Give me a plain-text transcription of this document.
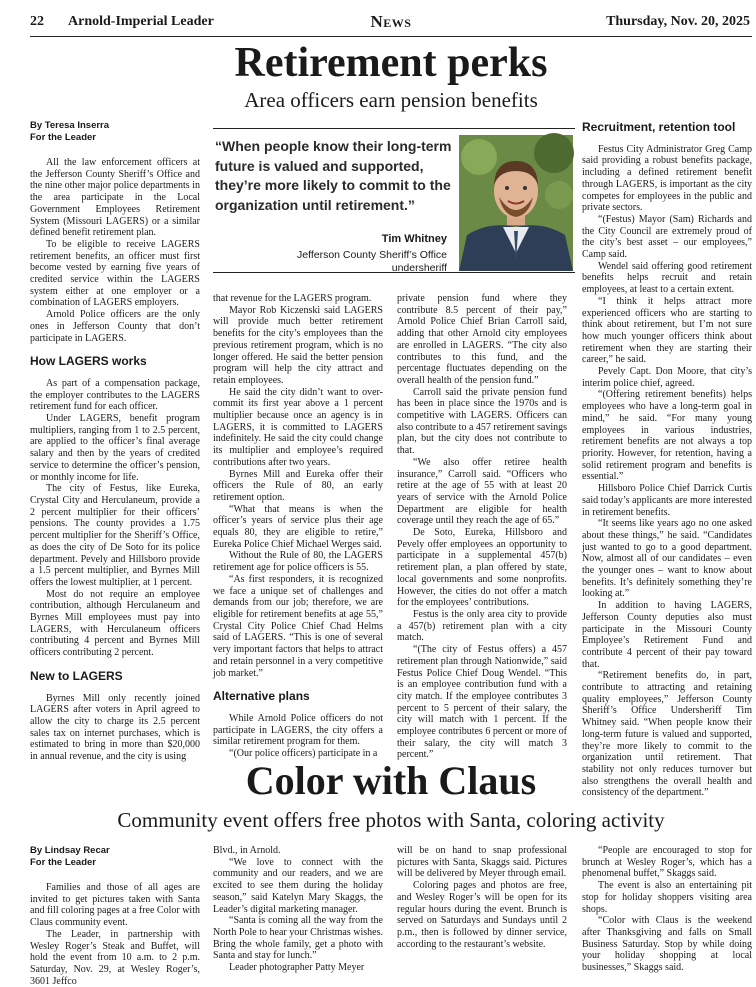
22 Arnold-Imperial Leader	News	Thursday, Nov. 20, 2025
Retirement perks
Area officers earn pension benefits

By Teresa Inserra

For the Leader

All the law enforcement officers at the Jefferson County Sheriff’s Office and the nine other major police departments in the area participate in the Local Government Employees Retirement System (Missouri LAGERS) or a similar defined benefit retirement plan.

To be eligible to receive LAGERS retirement benefits, an officer must first become vested by earning five years of credited service within the LAGERS system either at one employer or a combination of LAGERS employers.

Arnold Police officers are the only ones in Jefferson County that don’t participate in LAGERS.

How LAGERS works

As part of a compensation package, the employer contributes to the LAGERS retirement fund for each officer.

Under LAGERS, benefit program multipliers, ranging from 1 to 2.5 percent, are applied to the officer’s final average salary and then by the years of credited service to determine the officer’s pension, or monthly income for life.

The city of Festus, like Eureka, Crystal City and Herculaneum, provide a 2 percent multiplier for their officers’ pensions. The county provides a 1.75 percent multiplier for the Sheriff’s Office, as does the city of De Soto for its police department. Pevely and Hillsboro provide a 1.5 percent multiplier, and Byrnes Mill offers the lowest multiplier, at 1 percent.

Most do not require an employee contribution, although Herculaneum and Byrnes Mill employees must pay into LAGERS, with Herculaneum officers contributing 4 percent and Byrnes Mill officers contributing 2 percent.

New to LAGERS

Byrnes Mill only recently joined LAGERS after voters in April agreed to allow the city to charge its 2.5 percent sales tax on internet purchases, which is estimated to bring in more than $20,000 in annual revenue, and the city is using

“When people know their long-term future is valued and supported, they’re more likely to commit to the organization until retirement.”
Tim Whitney
Jefferson County Sheriff’s Office
undersheriff

that revenue for the LAGERS program.

Mayor Rob Kiczenski said LAGERS will provide much better retirement benefits for the city’s employees than the previous retirement program, which is no longer offered. He said the better pension program will help the city attract and retain employees.

He said the city didn’t want to over-commit its first year above a 1 percent multiplier because once an agency is in LAGERS, it is committed to LAGERS indefinitely. He said the city could change its multiplier and employee’s required contributions after two years.

Byrnes Mill and Eureka offer their officers the Rule of 80, an early retirement option.

“What that means is when the officer’s years of service plus their age equals 80, they are eligible to retire,” Eureka Police Chief Michael Werges said.

Without the Rule of 80, the LAGERS retirement age for police officers is 55.

“As first responders, it is recognized we face a unique set of challenges and demands from our job; therefore, we are eligible for retirement benefits at age 55,” Crystal City Police Chief Chad Helms said of LAGERS. “This is one of several very important factors that helps to attract and retain personnel in a very competitive job market.”

Alternative plans

While Arnold Police officers do not participate in LAGERS, the city offers a similar retirement program for them.

“(Our police officers) participate in a

private pension fund where they contribute 8.5 percent of their pay,” Arnold Police Chief Brian Carroll said, adding that other Arnold city employees are enrolled in LAGERS. “The city also contributes to this fund, and the percentage fluctuates depending on the overall health of the pension fund.”

Carroll said the private pension fund has been in place since the 1970s and is competitive with LAGERS. Officers can also contribute to a 457 retirement savings plan, but the city does not contribute to that.

“We also offer retiree health insurance,” Carroll said. “Officers who retire at the age of 55 with at least 20 years of service with the Arnold Police Department are eligible for health coverage until they reach the age of 65.”

De Soto, Eureka, Hillsboro and Pevely offer employees an opportunity to participate in a supplemental 457(b) retirement plan, a plan offered by state, local governments and some nonprofits. However, the cities do not offer a match for the employees’ contributions.

Festus is the only area city to provide a 457(b) retirement plan with a city match.

“(The city of Festus offers) a 457 retirement plan through Nationwide,” said Festus Police Chief Doug Wendel. “This is an employee contribution fund with a city match. If the employee contributes 3 percent to 5 percent of their salary, the city will match with 1 percent. If the employee contributes 6 percent or more of their salary, the city will match 3 percent.”

Recruitment, retention tool

Festus City Administrator Greg Camp said providing a robust benefits package, including a defined retirement benefit through LAGERS, is important as the city competes for employees in the public and private sectors.

“(Festus) Mayor (Sam) Richards and the City Council are extremely proud of the city’s best asset – our employees,” Camp said.

Wendel said offering good retirement benefits helps recruit and retain employees, at least to a certain extent.

“I think it helps attract more experienced officers who are starting to think about retirement, but I’m not sure how much younger officers think about retirement when they are starting their career,” he said.

Pevely Capt. Don Moore, that city’s interim police chief, agreed.

“(Offering retirement benefits) helps employees who have a long-term goal in mind,” he said. “For many young employees in various industries, retirement benefits are not always a top priority. However, for retention, having a solid retirement program and benefits is essential.”

Hillsboro Police Chief Darrick Curtis said today’s applicants are more interested in retirement benefits.

“It seems like years ago no one asked about these things,” he said. “Candidates just wanted to go to a good department. Now, almost all of our candidates – even the younger ones – want to know about benefits. It’s definitely something they’re looking at.”

In addition to having LAGERS, Jefferson County deputies also must participate in the Missouri County Employee’s Retirement Fund and contribute 4 percent of their pay toward that.

“Retirement benefits do, in part, contribute to attracting and retaining quality employees,” Jefferson County Sheriff’s Office Undersheriff Tim Whitney said. “When people know their long-term future is valued and supported, they’re more likely to commit to the organization until retirement. That stability not only reduces turnover but also strengthens the overall health and consistency of the department.”

Color with Claus
Community event offers free photos with Santa, coloring activity

By Lindsay Recar

For the Leader

Families and those of all ages are invited to get pictures taken with Santa and fill coloring pages at a free Color with Claus community event.

The Leader, in partnership with Wesley Roger’s Steak and Buffet, will hold the event from 10 a.m. to 2 p.m. Saturday, Nov. 29, at Wesley Roger’s, 3601 Jeffco

Blvd., in Arnold.

“We love to connect with the community and our readers, and we are excited to see them during the holiday season,” said Katelyn Mary Skaggs, the Leader’s digital marketing manager.

“Santa is coming all the way from the North Pole to hear your Christmas wishes. Bring the whole family, get a photo with Santa and stay for lunch.”

Leader photographer Patty Meyer

will be on hand to snap professional pictures with Santa, Skaggs said. Pictures will be delivered by Meyer through email.

Coloring pages and photos are free, and Wesley Roger’s will be open for its regular hours during the event. Brunch is served on Saturdays and Sundays until 2 p.m., then is followed by dinner service, according to the restaurant’s website.

“People are encouraged to stop for brunch at Wesley Roger’s, which has a phenomenal buffet,” Skaggs said.

The event is also an entertaining pit stop for holiday shoppers visiting area shops.

“Color with Claus is the weekend after Thanksgiving and falls on Small Business Saturday. Stop by while doing your holiday shopping at local businesses,” Skaggs said.
